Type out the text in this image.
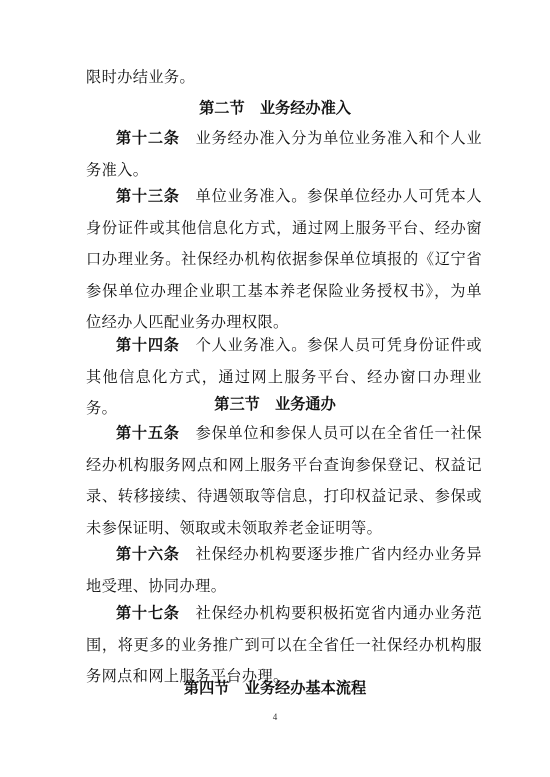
限时办结业务。
第二节　业务经办准入
第十二条  业务经办准入分为单位业务准入和个人业务准入。
第十三条  单位业务准入。参保单位经办人可凭本人身份证件或其他信息化方式，通过网上服务平台、经办窗口办理业务。社保经办机构依据参保单位填报的《辽宁省参保单位办理企业职工基本养老保险业务授权书》，为单位经办人匹配业务办理权限。
第十四条  个人业务准入。参保人员可凭身份证件或其他信息化方式，通过网上服务平台、经办窗口办理业务。	第三节　业务通办
第十五条  参保单位和参保人员可以在全省任一社保经办机构服务网点和网上服务平台查询参保登记、权益记录、转移接续、待遇领取等信息，打印权益记录、参保或未参保证明、领取或未领取养老金证明等。
第十六条  社保经办机构要逐步推广省内经办业务异地受理、协同办理。
第十七条  社保经办机构要积极拓宽省内通办业务范围，将更多的业务推广到可以在全省任一社保经办机构服务网点和网上服务平台办理。
第四节　业务经办基本流程
4
